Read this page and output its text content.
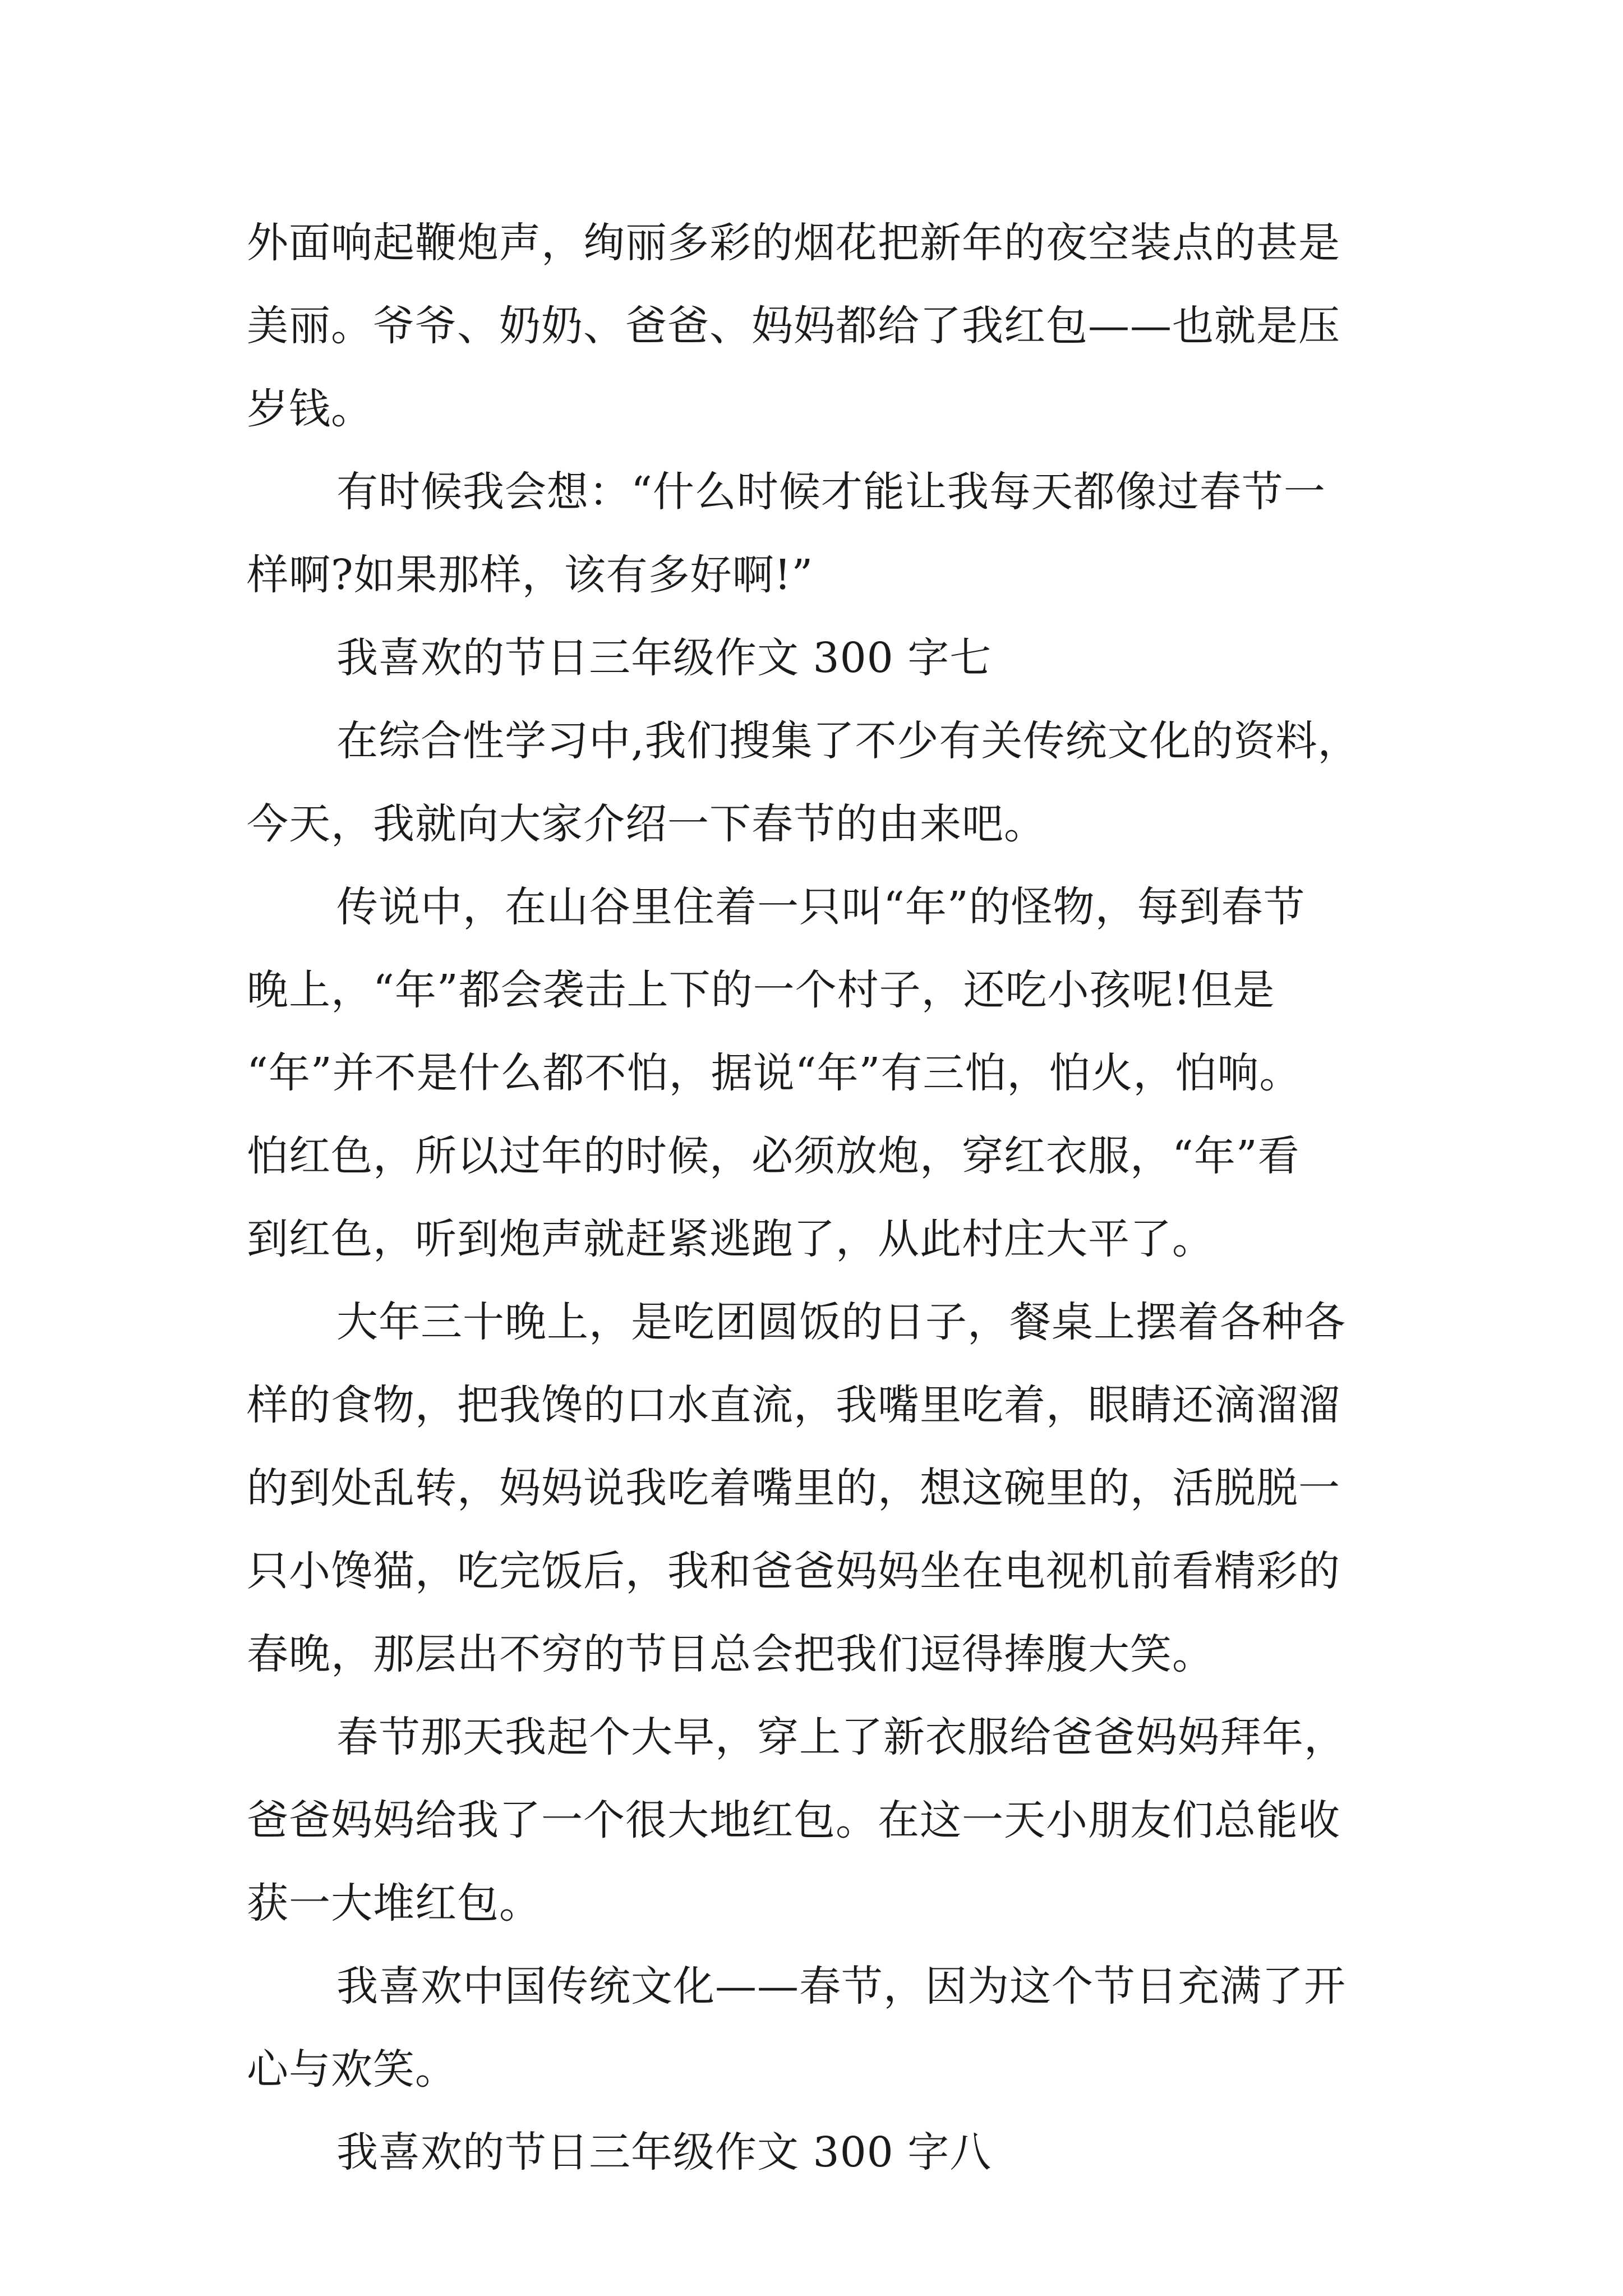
外面响起鞭炮声，绚丽多彩的烟花把新年的夜空装点的甚是
美丽。爷爷、奶奶、爸爸、妈妈都给了我红包——也就是压
岁钱。
有时候我会想：“什么时候才能让我每天都像过春节一
样啊?如果那样，该有多好啊!”
我喜欢的节日三年级作文 300 字七
在综合性学习中,我们搜集了不少有关传统文化的资料，
今天，我就向大家介绍一下春节的由来吧。
传说中，在山谷里住着一只叫“年”的怪物，每到春节
晚上，“年”都会袭击上下的一个村子，还吃小孩呢!但是
“年”并不是什么都不怕，据说“年”有三怕，怕火，怕响。
怕红色，所以过年的时候，必须放炮，穿红衣服，“年”看
到红色，听到炮声就赶紧逃跑了，从此村庄大平了。
大年三十晚上，是吃团圆饭的日子，餐桌上摆着各种各
样的食物，把我馋的口水直流，我嘴里吃着，眼睛还滴溜溜
的到处乱转，妈妈说我吃着嘴里的，想这碗里的，活脱脱一
只小馋猫，吃完饭后，我和爸爸妈妈坐在电视机前看精彩的
春晚，那层出不穷的节目总会把我们逗得捧腹大笑。
春节那天我起个大早，穿上了新衣服给爸爸妈妈拜年，
爸爸妈妈给我了一个很大地红包。在这一天小朋友们总能收
获一大堆红包。
我喜欢中国传统文化——春节，因为这个节日充满了开
心与欢笑。
我喜欢的节日三年级作文 300 字八
